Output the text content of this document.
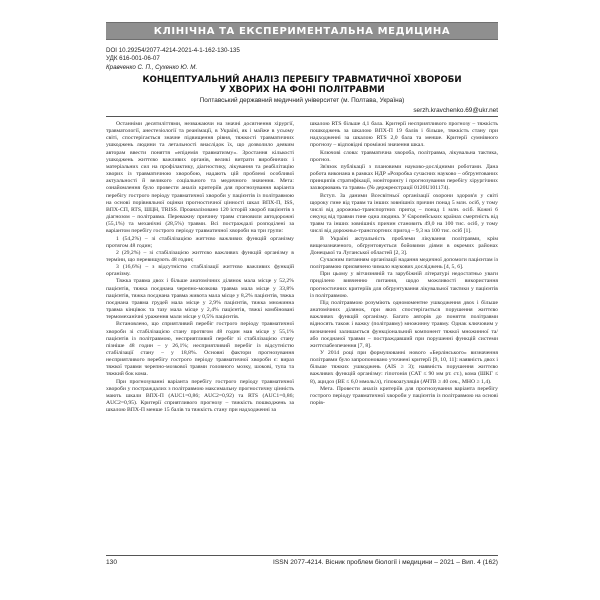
КЛІНІЧНА ТА ЕКСПЕРИМЕНТАЛЬНА МЕДИЦИНА
DOI 10.29254/2077-4214-2021-4-1-162-130-135
УДК 616-001-06-07
Кравченко С. П., Сухенко Ю. М.
КОНЦЕПТУАЛЬНИЙ АНАЛІЗ ПЕРЕБІГУ ТРАВМАТИЧНОЇ ХВОРОБИ
У ХВОРИХ НА ФОНІ ПОЛІТРАВМИ
Полтавський державний медичний університет (м. Полтава, Україна)
serzh.kravchenko.69@ukr.net

Останніми десятиліттями, незважаючи на значні досягнення хірургії, травматології, анестезіології та реанімації, в Україні, як і майже в усьому світі, спостерігається значне підвищення рівня, тяжкості травматичних ушкоджень людини та летальності внаслідок їх, що дозволило деяким авторам ввести поняття «епідемія травматизму». Зростання кількості ушкоджень життєво важливих органів, великі витрати виробничих і матеріальних сил на профілактику, діагностику, лікування та реабілітацію хворих із травматичною хворобою, надають цій проблемі особливої актуальності й великого соціального та медичного значення. Мета: ознайомлення було провести аналіз критеріїв для прогнозування варіанта перебігу гострого періоду травматичної хвороби у пацієнтів із політравмою на основі порівняльної оцінки прогностичної цінності шкал ВПХ-П, ISS, ВПХ-СП, RTS, ШЦН, TRISS. Проаналізовано 120 історій хвороб пацієнтів з діагнозом – політравма. Переважну причину травм становили автодорожні (55,1%) та механічні (28,5%) травми. Всі постраждалі розподілені за варіантом перебігу гострого періоду травматичної хвороби на три групи:

1 (54,2%) – зі стабілізацією життєво важливих функцій організму протягом 48 годин;

2 (29,2%) – зі стабілізацією життєво важливих функцій організму в терміни, що перевищують 48 годин;

3 (16,6%) – з відсутністю стабілізації життєво важливих функцій організму.

Тяжка травма двох і більше анатомічних ділянок мала місце у 52,2% пацієнтів, тяжка поєднана черепно-мозкова травма мала місце у 33,8% пацієнтів, тяжка поєднана травма живота мала місце у 8,2% пацієнтів, тяжка поєднана травма грудей мала місце у 2,9% пацієнтів, тяжка множинна травма кінцівок та тазу мала місце у 2,4% пацієнтів, тяжкі комбіновані термомеханічні ураження мали місце у 0,5% пацієнтів.

Встановлено, що сприятливий перебіг гострого періоду травматичної хвороби зі стабілізацією стану протягом 48 годин мав місце у 55,1% пацієнтів із політравмою, несприятливий перебіг зі стабілізацією стану пізніше 48 годин – у 26,1%; несприятливий перебіг із відсутністю стабілізації стану – у 18,8%. Основні фактори прогнозування несприятливого перебігу гострого періоду травматичної хвороби є: вираз тяжкої травми черепно-мозкової травми головного мозку, шокові, тупа та тяжкий бок кома.

При прогнозуванні варіанта перебігу гострого періоду травматичної хвороби у постраждалих з політравмою максимальну прогностичну цінність мають шкали ВПХ-П (AUC1=0,86; AUC2=0,92) та RTS (AUC1=0,86; AUC2=0,95). Критерії сприятливого прогнозу – тяжкість пошкоджень за шкалою ВПХ-П менше 15 балів та тяжкість стану при надходженні за

шкалою RTS більше 4,1 бала. Критерії несприятливого прогнозу – тяжкість пошкоджень за шкалою ВПХ-П 19 балів і більше, тяжкість стану при надходженні за шкалою RTS 2,0 бала та менше. Критерії сумнівного прогнозу – відповідні проміжні значення шкал.

Ключові слова: травматична хвороба, політравма, лікувальна тактика, прогноз.

Зв'язок публікації з плановими науково-дослідними роботами. Дана робота виконана в рамках НДР «Розробка сучасних науково – обґрунтованих принципів стратифікації, моніторингу і прогнозування перебігу хірургічних захворювань та травм» (№ держреєстрації 0120U101174).

Вступ. За даними Всесвітньої організації охорони здоров'я у світі щороку гине від травм та інших зовнішніх причин понад 5 млн. осіб, у тому числі від дорожньо-транспортних пригод – понад 1 млн. осіб. Кожні 6 секунд від травми гине одна людина. У Європейських країнах смертність від травм та інших зовнішніх причин становить 49,0 на 100 тис. осіб, у тому числі від дорожньо-транспортних пригод – 9,3 на 100 тис. осіб [1].

В Україні актуальність проблеми лікування політравми, крім вищезазначеного, обґрунтовується бойовими діями в окремих районах Донецької та Луганської областей [2, 3].

Сучасним питанням організації надання медичної допомоги пацієнтам із політравмою присвячено чимало наукових досліджень [4, 5, 6].

При цьому у вітчизняній та зарубіжній літературі недостатньо уваги приділено вивченню питання, щодо можливості використання прогностичних критеріїв для обґрунтування лікувальної тактики у пацієнтів із політравмою.

Під політравмою розуміють одномоментне ушкодження двох і більше анатомічних ділянок, при яких спостерігається порушення життєво важливих функцій організму. Багато авторів до поняття політравми відносять також і важку (політравму) множинну травму. Однак ключовим у визначенні залишається функціональний компонент тяжкої множинної та/або поєднаної травми – постраждавший при порушенні функцій системи життєзабезпечення [7, 8].

У 2014 році при формулюванні нового «Берлінського» визначення політравми було запропоновано уточнені критерії [9, 10, 11]: наявність двох і більше тяжких ушкоджень (AIS ≥ 3); наявність порушення життєво важливих функцій організму: гіпотонія (САТ ≤ 90 мм рт. ст.), кома (ШКГ ≤ 8), ацидоз (BE ≤ 6,0 ммоль/л), гіпокоагуляція (АЧТВ ≥ 40 сек., МНО ≥ 1,4).

Мета. Провести аналіз критеріїв для прогнозування варіанта перебігу гострого періоду травматичної хвороби у пацієнтів із політравмою на основі порів-

130	ISSN 2077-4214. Вісник проблем біології і медицини – 2021 – Вип. 4 (162)
